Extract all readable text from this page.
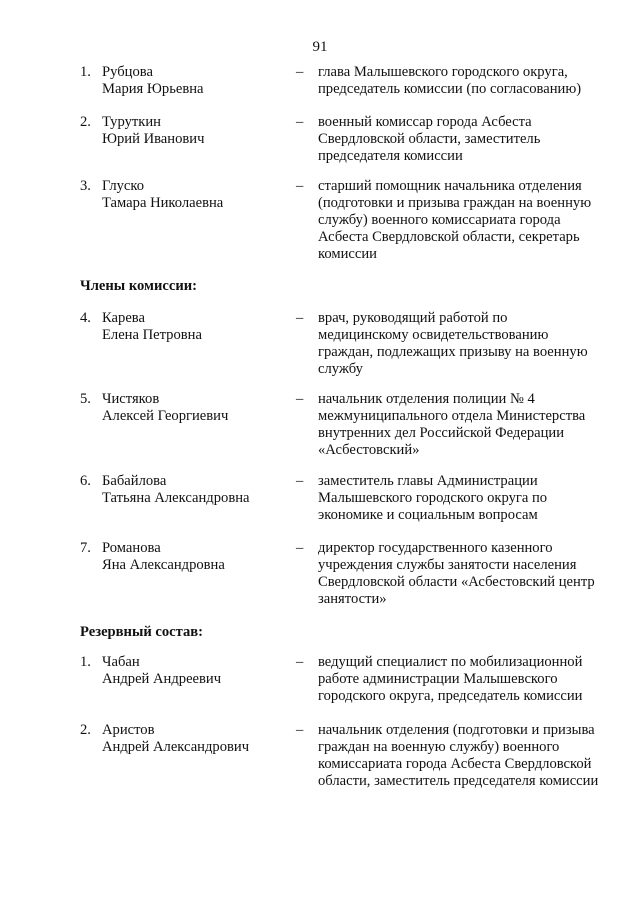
91
1. Рубцова
Мария Юрьевна
– глава Малышевского городского округа,
председатель комиссии (по согласованию)
2. Туруткин
Юрий Иванович
– военный комиссар города Асбеста
Свердловской области, заместитель
председателя комиссии
3. Глуско
Тамара Николаевна
– старший помощник начальника отделения
(подготовки и призыва граждан на военную
службу) военного комиссариата города
Асбеста Свердловской области, секретарь
комиссии
Члены комиссии:
4. Карева
Елена Петровна
– врач, руководящий работой по
медицинскому освидетельствованию
граждан, подлежащих призыву на военную
службу
5. Чистяков
Алексей Георгиевич
– начальник отделения полиции № 4
межмуниципального отдела Министерства
внутренних дел Российской Федерации
«Асбестовский»
6. Бабайлова
Татьяна Александровна
– заместитель главы Администрации
Малышевского городского округа по
экономике и социальным вопросам
7. Романова
Яна Александровна
– директор государственного казенного
учреждения службы занятости населения
Свердловской области «Асбестовский центр
занятости»
Резервный состав:
1. Чабан
Андрей Андреевич
– ведущий специалист по мобилизационной
работе администрации Малышевского
городского округа, председатель комиссии
2. Аристов
Андрей Александрович
– начальник отделения (подготовки и призыва
граждан на военную службу) военного
комиссариата города Асбеста Свердловской
области, заместитель председателя комиссии
